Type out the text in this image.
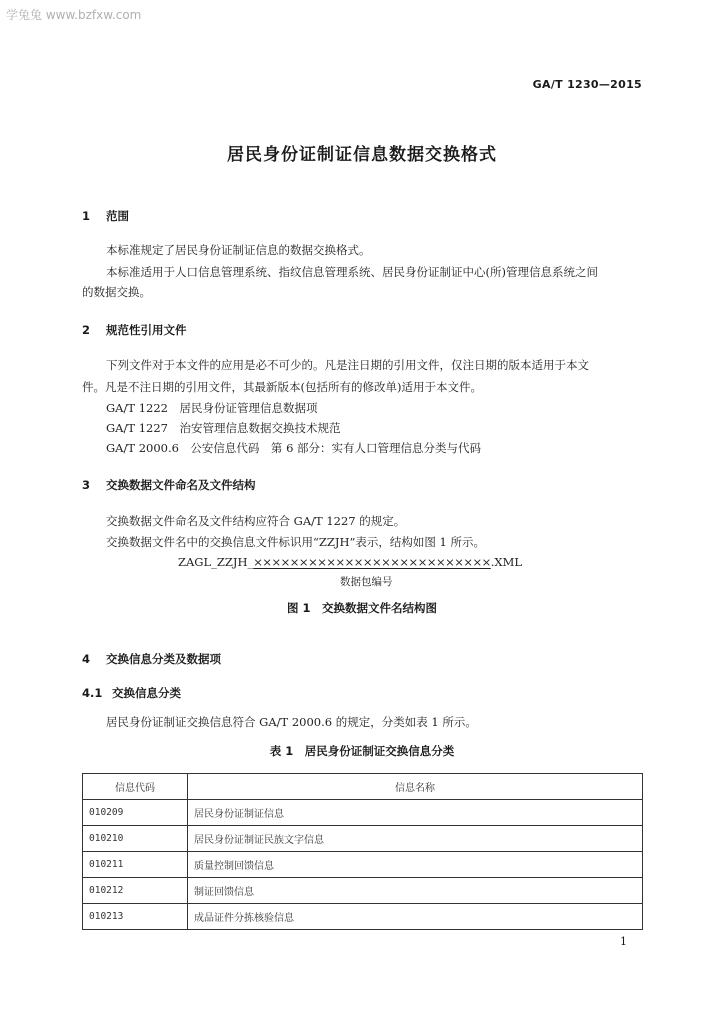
学兔兔 www.bzfxw.com
GA/T 1230—2015
居民身份证制证信息数据交换格式
1 范围
本标准规定了居民身份证制证信息的数据交换格式。
本标准适用于人口信息管理系统、指纹信息管理系统、居民身份证制证中心(所)管理信息系统之间
的数据交换。
2 规范性引用文件
下列文件对于本文件的应用是必不可少的。凡是注日期的引用文件，仅注日期的版本适用于本文
件。凡是不注日期的引用文件，其最新版本(包括所有的修改单)适用于本文件。
GA/T 1222　居民身份证管理信息数据项
GA/T 1227　治安管理信息数据交换技术规范
GA/T 2000.6　公安信息代码　第 6 部分：实有人口管理信息分类与代码
3 交换数据文件命名及文件结构
交换数据文件命名及文件结构应符合 GA/T 1227 的规定。
交换数据文件名中的交换信息文件标识用“ZZJH”表示，结构如图 1 所示。
ZAGL_ZZJH_××××××××××××××××××××××××××.XML
数据包编号
图 1　交换数据文件名结构图
4 交换信息分类及数据项
4.1 交换信息分类
居民身份证制证交换信息符合 GA/T 2000.6 的规定，分类如表 1 所示。
表 1　居民身份证制证交换信息分类
信息代码	信息名称
010209	居民身份证制证信息
010210	居民身份证制证民族文字信息
010211	质量控制回馈信息
010212	制证回馈信息
010213	成品证件分拣核验信息
1
